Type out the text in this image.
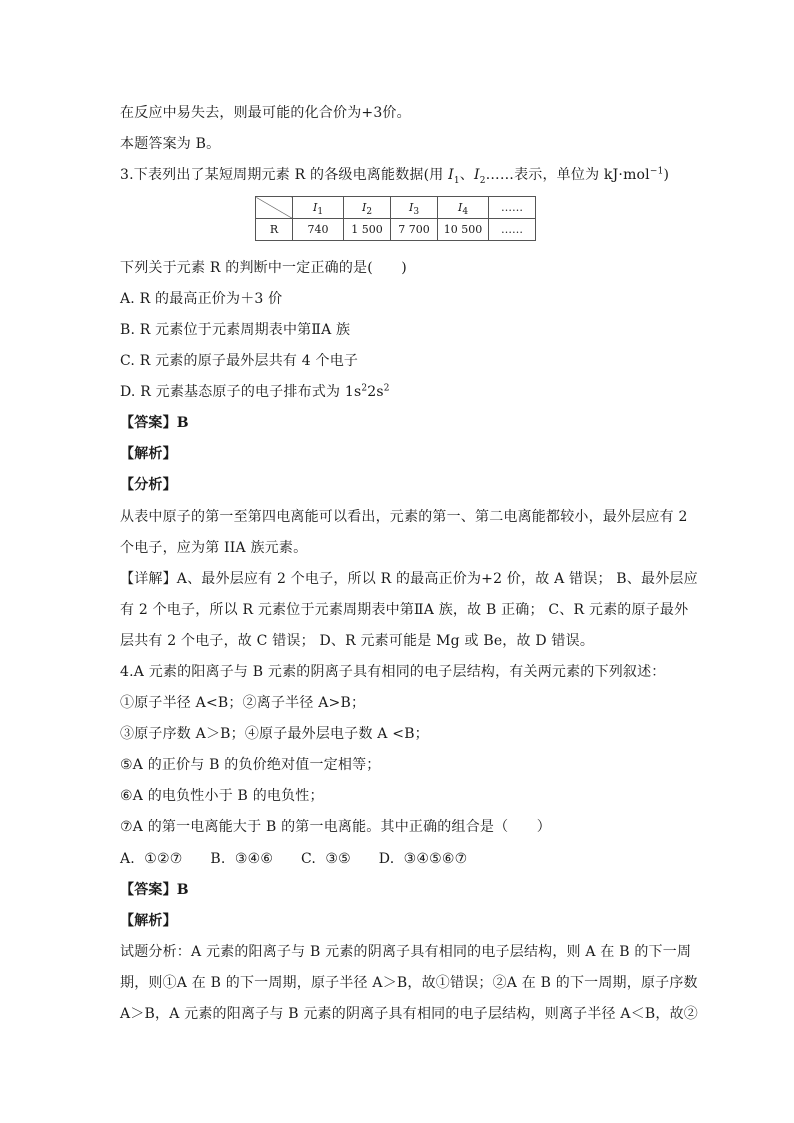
在反应中易失去，则最可能的化合价为+3价。
本题答案为 B。
3.下表列出了某短周期元素 R 的各级电离能数据(用 $I_1$、$I_2\dots\dots$表示，单位为 kJ·mol$^{-1}$)
	$I_1$	$I_2$	$I_3$	$I_4$	……
R	740	1 500	7 700	10 500	……
下列关于元素 R 的判断中一定正确的是(　　)
A. R 的最高正价为＋3 价
B. R 元素位于元素周期表中第ⅡA 族
C. R 元素的原子最外层共有 4 个电子
D. R 元素基态原子的电子排布式为 $1s^22s^2$
【答案】B
【解析】
【分析】
从表中原子的第一至第四电离能可以看出，元素的第一、第二电离能都较小，最外层应有 2
个电子，应为第 IIA 族元素。
【详解】A、最外层应有 2 个电子，所以 R 的最高正价为+2 价，故 A 错误； B、最外层应
有 2 个电子，所以 R 元素位于元素周期表中第ⅡA 族，故 B 正确； C、R 元素的原子最外
层共有 2 个电子，故 C 错误； D、R 元素可能是 Mg 或 Be，故 D 错误。
4.A 元素的阳离子与 B 元素的阴离子具有相同的电子层结构，有关两元素的下列叙述：
①原子半径 A<B；②离子半径 A>B；
③原子序数 A＞B；④原子最外层电子数 A <B；
⑤A 的正价与 B 的负价绝对值一定相等；
⑥A 的电负性小于 B 的电负性；
⑦A 的第一电离能大于 B 的第一电离能。其中正确的组合是（　　）
A.  ①②⑦      B.  ③④⑥      C.  ③⑤      D.  ③④⑤⑥⑦
【答案】B
【解析】
试题分析：A 元素的阳离子与 B 元素的阴离子具有相同的电子层结构，则 A 在 B 的下一周
期，则①A 在 B 的下一周期，原子半径 A＞B，故①错误；②A 在 B 的下一周期，原子序数
A＞B，A 元素的阳离子与 B 元素的阴离子具有相同的电子层结构，则离子半径 A＜B，故②
